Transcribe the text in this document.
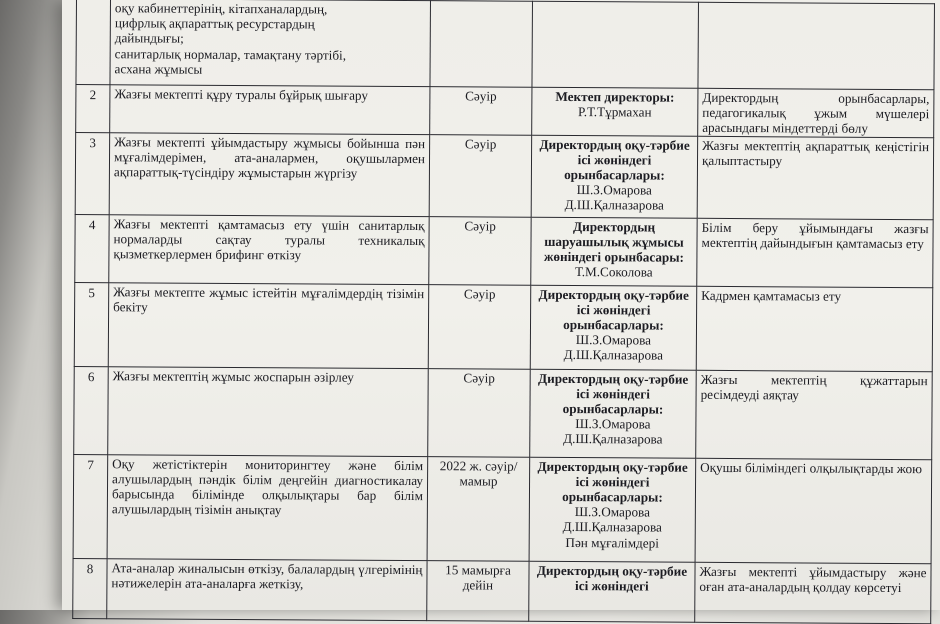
	оқу кабинеттерінің, кітапханалардың,
цифрлық ақпараттық ресурстардың
дайындығы;
санитарлық нормалар, тамақтану тәртібі,
асхана жұмысы			

2	Жазғы мектепті құру туралы бұйрық шығару	Сәуір	Мектеп директоры:
Р.Т.Тұрмахан	Директордың орынбасарлары, педагогикалық ұжым мүшелері арасындағы міндеттерді бөлу
3	Жазғы мектепті ұйымдастыру жұмысы бойынша пән мұғалімдерімен, ата-аналармен, оқушылармен ақпараттық-түсіндіру жұмыстарын жүргізу	Сәуір	Директордың оқу-тәрбие ісі жөніндегі орынбасарлары:
Ш.З.Омарова
Д.Ш.Қалназарова	Жазғы мектептің ақпараттық кеңістігін қалыптастыру
4	Жазғы мектепті қамтамасыз ету үшін санитарлық нормаларды сақтау туралы техникалық қызметкерлермен брифинг өткізу	Сәуір	Директордың шаруашылық жұмысы жөніндегі орынбасары:
Т.М.Соколова	Білім беру ұйымындағы жазғы мектептің дайындығын қамтамасыз ету
5	Жазғы мектепте жұмыс істейтін мұғалімдердің тізімін бекіту	Сәуір	Директордың оқу-тәрбие ісі жөніндегі орынбасарлары:
Ш.З.Омарова
Д.Ш.Қалназарова	Кадрмен қамтамасыз ету
6	Жазғы мектептің жұмыс жоспарын әзірлеу	Сәуір	Директордың оқу-тәрбие ісі жөніндегі орынбасарлары:
Ш.З.Омарова
Д.Ш.Қалназарова	Жазғы мектептің құжаттарын ресімдеуді аяқтау
7	Оқу жетістіктерін мониторингтеу және білім алушылардың пәндік білім деңгейін диагностикалау барысында білімінде олқылықтары бар білім алушылардың тізімін анықтау	2022 ж. сәуір/мамыр	Директордың оқу-тәрбие ісі жөніндегі орынбасарлары:
Ш.З.Омарова
Д.Ш.Қалназарова
Пән мұғалімдері	Оқушы біліміндегі олқылықтарды жою
8	Ата-аналар жиналысын өткізу, балалардың үлгерімінің нәтижелерін ата-аналарға жеткізу,	15 мамырға дейін	Директордың оқу-тәрбие ісі жөніндегі	Жазғы мектепті ұйымдастыру және оған ата-аналардың қолдау көрсетуі
